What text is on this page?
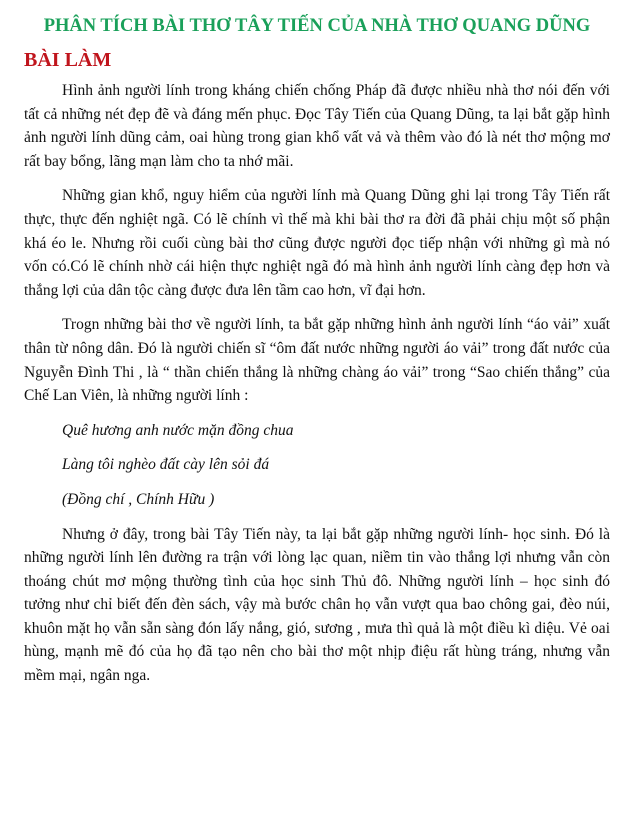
PHÂN TÍCH BÀI THƠ TÂY TIẾN CỦA NHÀ THƠ QUANG DŨNG
BÀI LÀM

Hình ảnh người lính trong kháng chiến chống Pháp đã được nhiều nhà thơ nói đến với tất cả những nét đẹp đẽ và đáng mến phục. Đọc Tây Tiến của Quang Dũng, ta lại bắt gặp hình ảnh người lính dũng cảm, oai hùng trong gian khổ vất vả và thêm vào đó là nét thơ mộng mơ rất bay bổng, lãng mạn làm cho ta nhớ mãi.

Những gian khổ, nguy hiểm của người lính mà Quang Dũng ghi lại trong Tây Tiến rất thực, thực đến nghiệt ngã. Có lẽ chính vì thế mà khi bài thơ ra đời đã phải chịu một số phận khá éo le. Nhưng rồi cuối cùng bài thơ cũng được người đọc tiếp nhận với những gì mà nó vốn có.Có lẽ chính nhờ cái hiện thực nghiệt ngã đó mà hình ảnh người lính càng đẹp hơn và thắng lợi của dân tộc càng được đưa lên tầm cao hơn, vĩ đại hơn.

Trogn những bài thơ về người lính, ta bắt gặp những hình ảnh người lính “áo vải” xuất thân từ nông dân. Đó là người chiến sĩ “ôm đất nước những người áo vải” trong đất nước của Nguyễn Đình Thi , là “ thần chiến thắng là những chàng áo vải” trong “Sao chiến thắng” của Chế Lan Viên, là những người lính :

Quê hương anh nước mặn đồng chua

Làng tôi nghèo đất cày lên sỏi đá

(Đồng chí , Chính Hữu )

Nhưng ở đây, trong bài Tây Tiến này, ta lại bắt gặp những người lính- học sinh. Đó là những người lính lên đường ra trận với lòng lạc quan, niềm tin vào thắng lợi nhưng vẫn còn thoáng chút mơ mộng thường tình của học sinh Thủ đô. Những người lính – học sinh đó tưởng như chỉ biết đến đèn sách, vậy mà bước chân họ vẫn vượt qua bao chông gai, đèo núi, khuôn mặt họ vẫn sẵn sàng đón lấy nắng, gió, sương , mưa thì quả là một điều kì diệu. Vẻ oai hùng, mạnh mẽ đó của họ đã tạo nên cho bài thơ một nhịp điệu rất hùng tráng, nhưng vẫn mềm mại, ngân nga.
